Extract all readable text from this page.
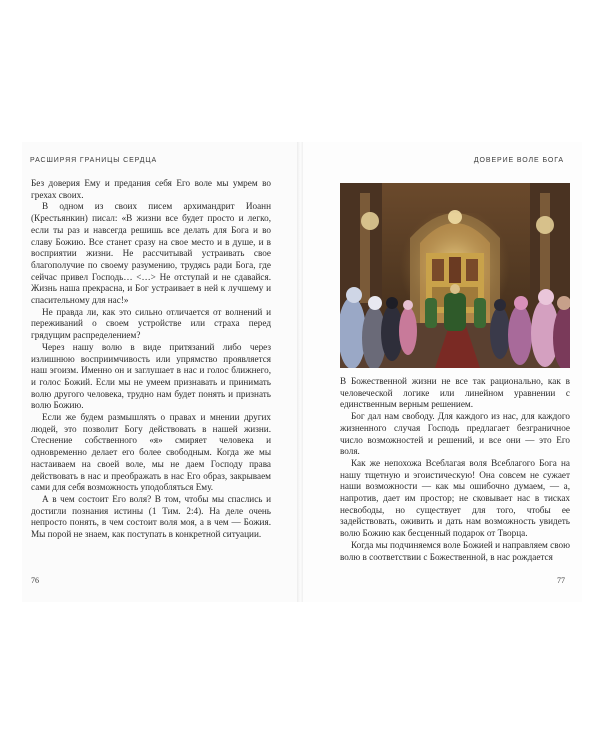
РАСШИРЯЯ ГРАНИЦЫ СЕРДЦА	ДОВЕРИЕ ВОЛЕ БОГА

Без доверия Ему и предания себя Его воле мы умрем во грехах своих.

В одном из своих писем архимандрит Иоанн (Крестьянкин) писал: «В жизни все будет просто и легко, если ты раз и навсегда решишь все делать для Бога и во славу Божию. Все станет сразу на свое место и в душе, и в восприятии жизни. Не рассчитывай устраивать свое благополучие по своему разумению, трудясь ради Бога, где сейчас привел Господь… <…> Не отступай и не сдавайся. Жизнь наша прекрасна, и Бог устраивает в ней к лучшему и спасительному для нас!»

Не правда ли, как это сильно отличается от волнений и переживаний о своем устройстве или страха перед грядущим распределением?

Через нашу волю в виде притязаний либо через излишнюю восприимчивость или упрямство проявляется наш эгоизм. Именно он и заглушает в нас и голос ближнего, и голос Божий. Если мы не умеем признавать и принимать волю другого человека, трудно нам будет понять и признать волю Божию.

Если же будем размышлять о правах и мнении других людей, это позволит Богу действовать в нашей жизни. Стеснение собственного «я» смиряет человека и одновременно делает его более свободным. Когда же мы настаиваем на своей воле, мы не даем Господу права действовать в нас и преображать в нас Его образ, закрываем сами для себя возможность уподобляться Ему.

А в чем состоит Его воля? В том, чтобы мы спаслись и достигли познания истины (1 Тим. 2:4). На деле очень непросто понять, в чем состоит воля моя, а в чем — Божия. Мы порой не знаем, как поступать в конкретной ситуации.

В Божественной жизни не все так рационально, как в человеческой логике или линейном уравнении с единственным верным решением.

Бог дал нам свободу. Для каждого из нас, для каждого жизненного случая Господь предлагает безграничное число возможностей и решений, и все они — это Его воля.

Как же непохожа Всеблагая воля Всеблагого Бога на нашу тщетную и эгоистическую! Она совсем не сужает наши возможности — как мы ошибочно думаем, — а, напротив, дает им простор; не сковывает нас в тисках несвободы, но существует для того, чтобы ее задействовать, оживить и дать нам возможность увидеть волю Божию как бесценный подарок от Творца.

Когда мы подчиняемся воле Божией и направляем свою волю в соответствии с Божественной, в нас рождается

76	77
